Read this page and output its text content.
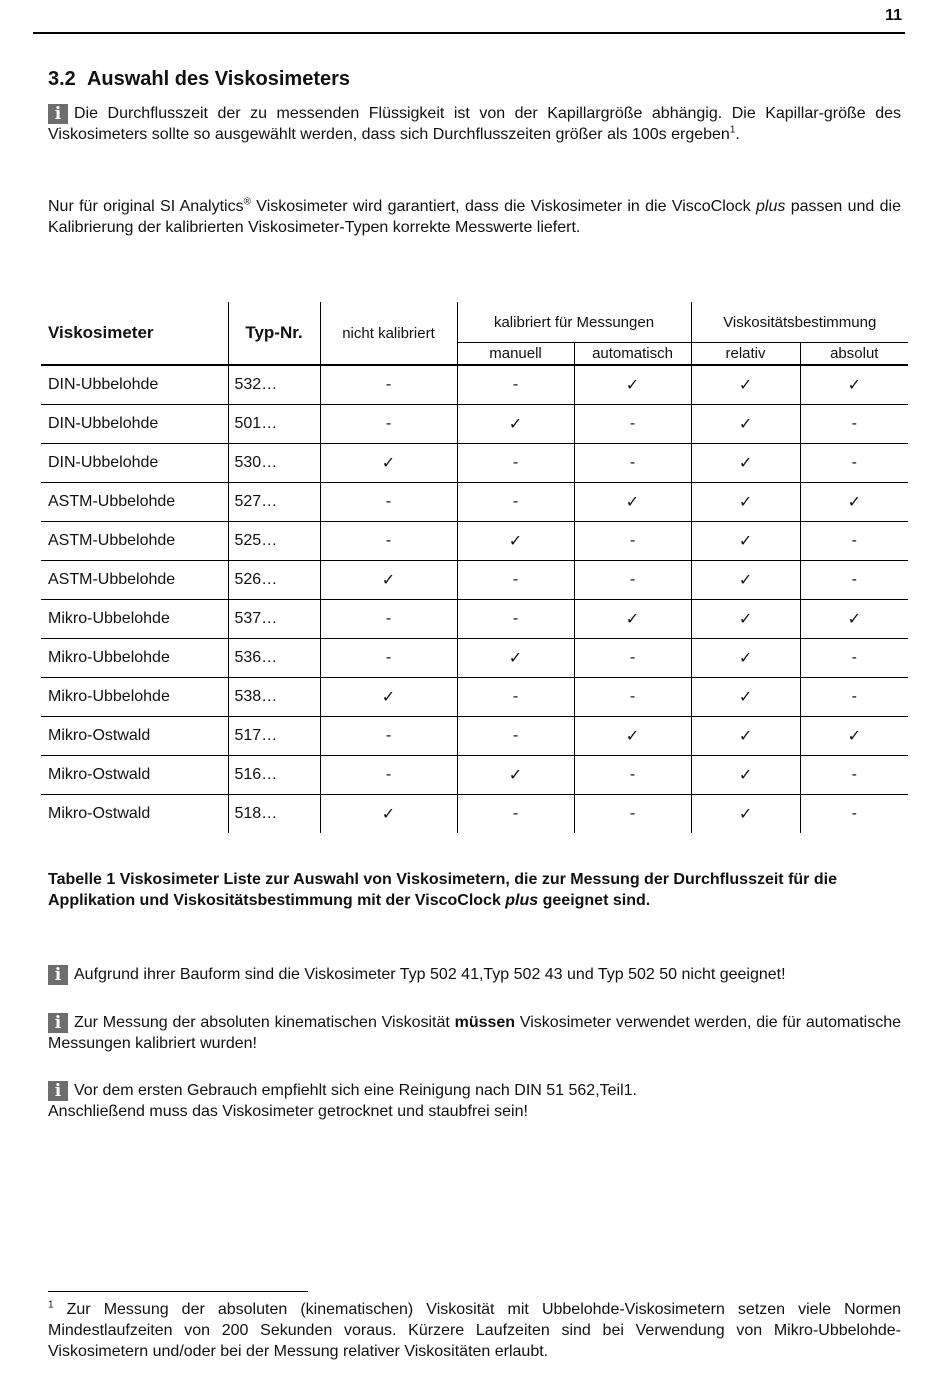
11
3.2 Auswahl des Viskosimeters

i Die Durchflusszeit der zu messenden Flüssigkeit ist von der Kapillargröße abhängig. Die Kapillar-größe des Viskosimeters sollte so ausgewählt werden, dass sich Durchflusszeiten größer als 100s ergeben$^1$.

Nur für original SI Analytics® Viskosimeter wird garantiert, dass die Viskosimeter in die ViscoClock plus passen und die Kalibrierung der kalibrierten Viskosimeter-Typen korrekte Messwerte liefert.

Viskosimeter	Typ-Nr.	nicht kalibriert	kalibriert für Messungen		Viskositätsbestimmung	
			manuell	automatisch	relativ	absolut
DIN-Ubbelohde	532…	-	-	✓	✓	✓
DIN-Ubbelohde	501…	-	✓	-	✓	-
DIN-Ubbelohde	530…	✓	-	-	✓	-
ASTM-Ubbelohde	527…	-	-	✓	✓	✓
ASTM-Ubbelohde	525…	-	✓	-	✓	-
ASTM-Ubbelohde	526…	✓	-	-	✓	-
Mikro-Ubbelohde	537…	-	-	✓	✓	✓
Mikro-Ubbelohde	536…	-	✓	-	✓	-
Mikro-Ubbelohde	538…	✓	-	-	✓	-
Mikro-Ostwald	517…	-	-	✓	✓	✓
Mikro-Ostwald	516…	-	✓	-	✓	-
Mikro-Ostwald	518…	✓	-	-	✓	-

Tabelle 1 Viskosimeter Liste zur Auswahl von Viskosimetern, die zur Messung der Durchflusszeit für die Applikation und Viskositätsbestimmung mit der ViscoClock plus geeignet sind.

i Aufgrund ihrer Bauform sind die Viskosimeter Typ 502 41,Typ 502 43 und Typ 502 50 nicht geeignet!

i Zur Messung der absoluten kinematischen Viskosität müssen Viskosimeter verwendet werden, die für automatische Messungen kalibriert wurden!

i Vor dem ersten Gebrauch empfiehlt sich eine Reinigung nach DIN 51 562,Teil1.
Anschließend muss das Viskosimeter getrocknet und staubfrei sein!

$^1$ Zur Messung der absoluten (kinematischen) Viskosität mit Ubbelohde-Viskosimetern setzen viele Normen Mindestlaufzeiten von 200 Sekunden voraus. Kürzere Laufzeiten sind bei Verwendung von Mikro-Ubbelohde-Viskosimetern und/oder bei der Messung relativer Viskositäten erlaubt.
